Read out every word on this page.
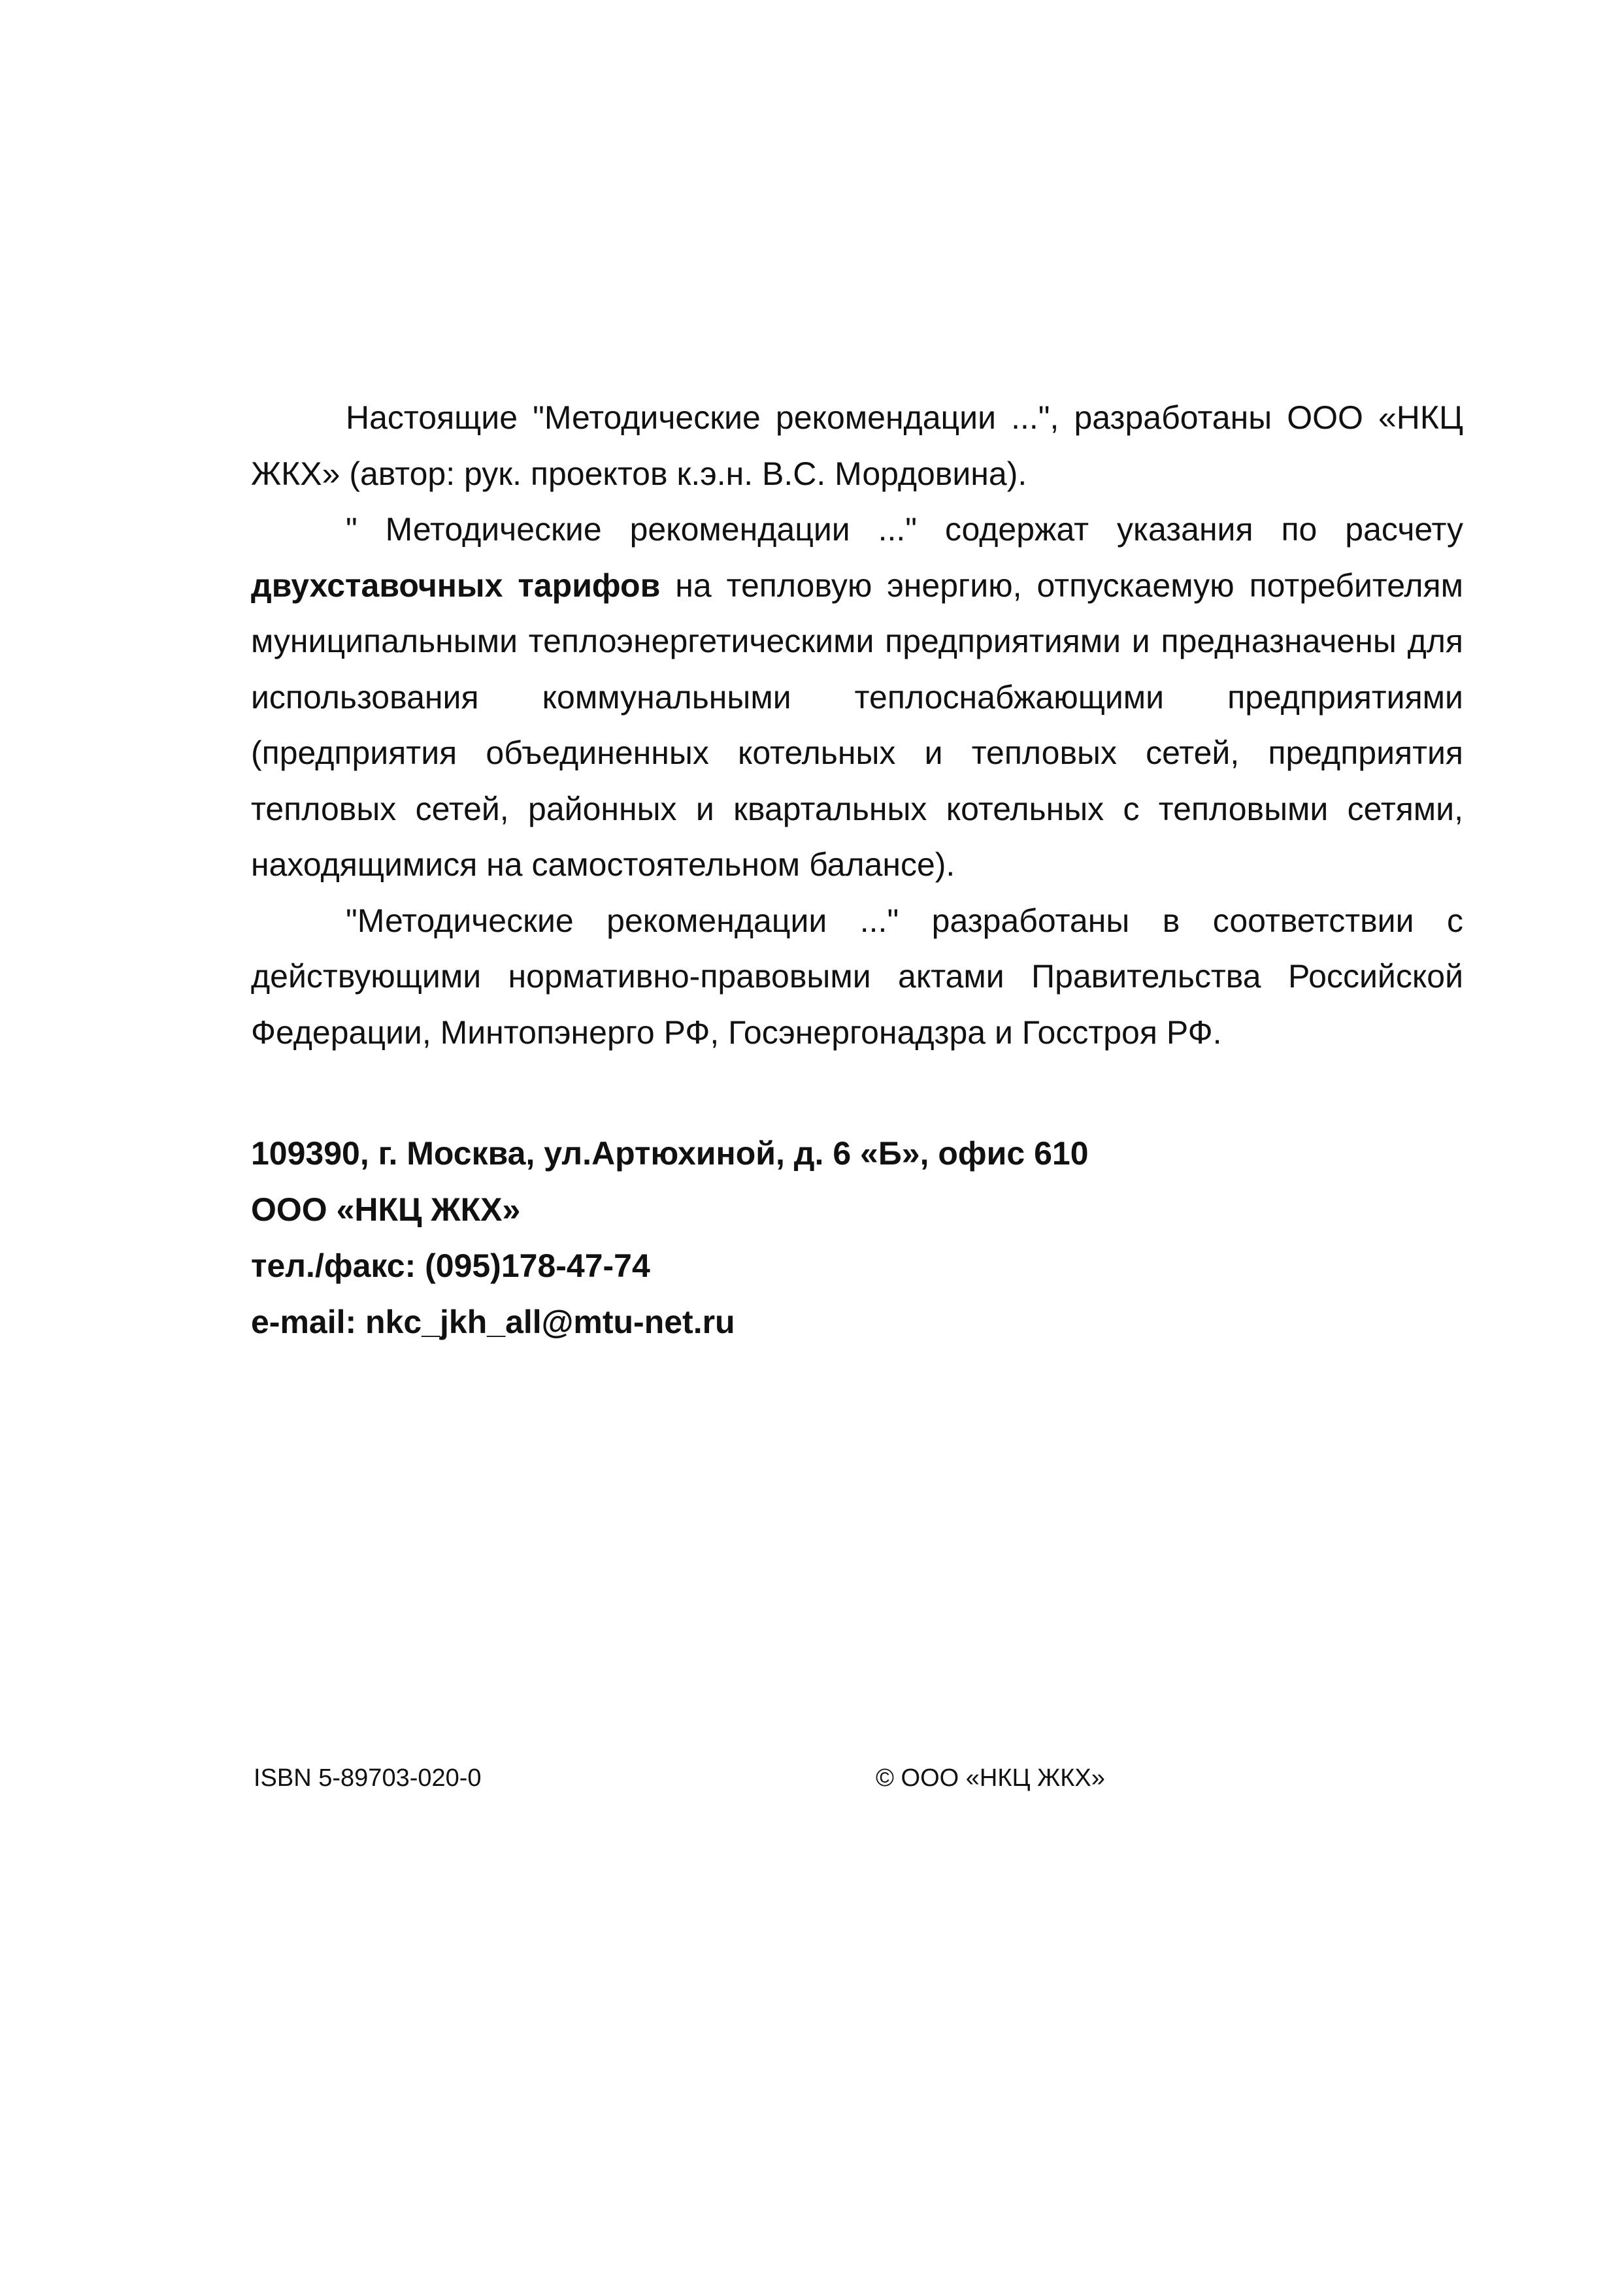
Настоящие "Методические рекомендации ...", разработаны ООО «НКЦ ЖКХ» (автор: рук. проектов к.э.н. В.С. Мордовина).

" Методические рекомендации ..." содержат указания по расчету двухставочных тарифов на тепловую энергию, отпускаемую потребителям муниципальными теплоэнергетическими предприятиями и предназначены для использования коммунальными теплоснабжающими предприятиями (предприятия объединенных котельных и тепловых сетей, предприятия тепловых сетей, районных и квартальных котельных с тепловыми сетями, находящимися на самостоятельном балансе).

"Методические рекомендации ..." разработаны в соответствии с действующими нормативно-правовыми актами Правительства Российской Федерации, Минтопэнерго РФ, Госэнергонадзра и Госстроя РФ.

109390, г. Москва, ул.Артюхиной, д. 6 «Б», офис 610
ООО «НКЦ ЖКХ»
тел./факс: (095)178-47-74
e-mail: nkc_jkh_all@mtu-net.ru
ISBN 5-89703-020-0	© ООО «НКЦ ЖКХ»
